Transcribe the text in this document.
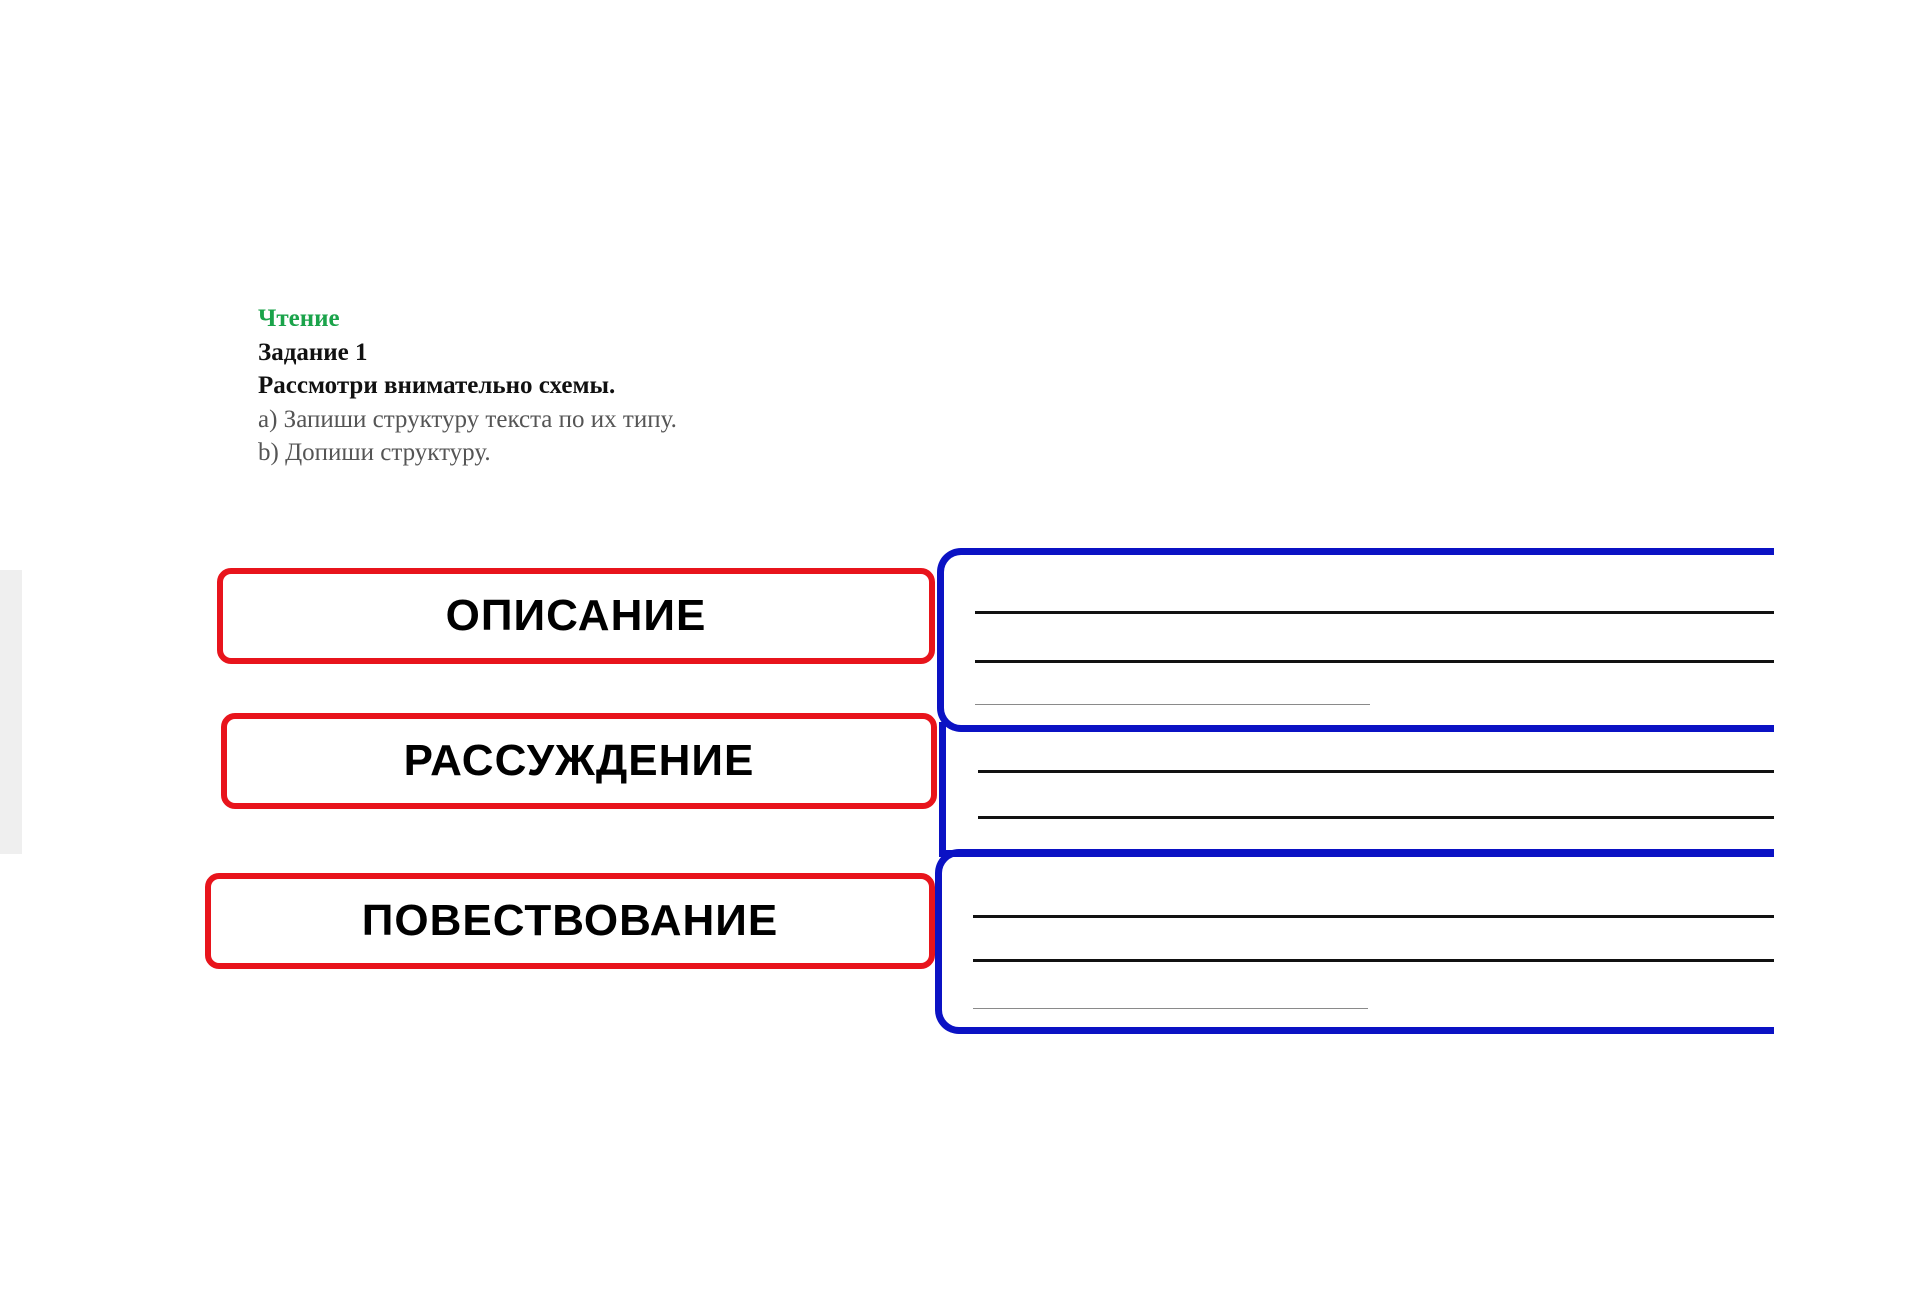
Чтение
Задание 1
Рассмотри внимательно схемы.
a) Запиши структуру текста по их типу.
b) Допиши структуру.
ОПИСАНИЕ
РАССУЖДЕНИЕ
ПОВЕСТВОВАНИЕ
